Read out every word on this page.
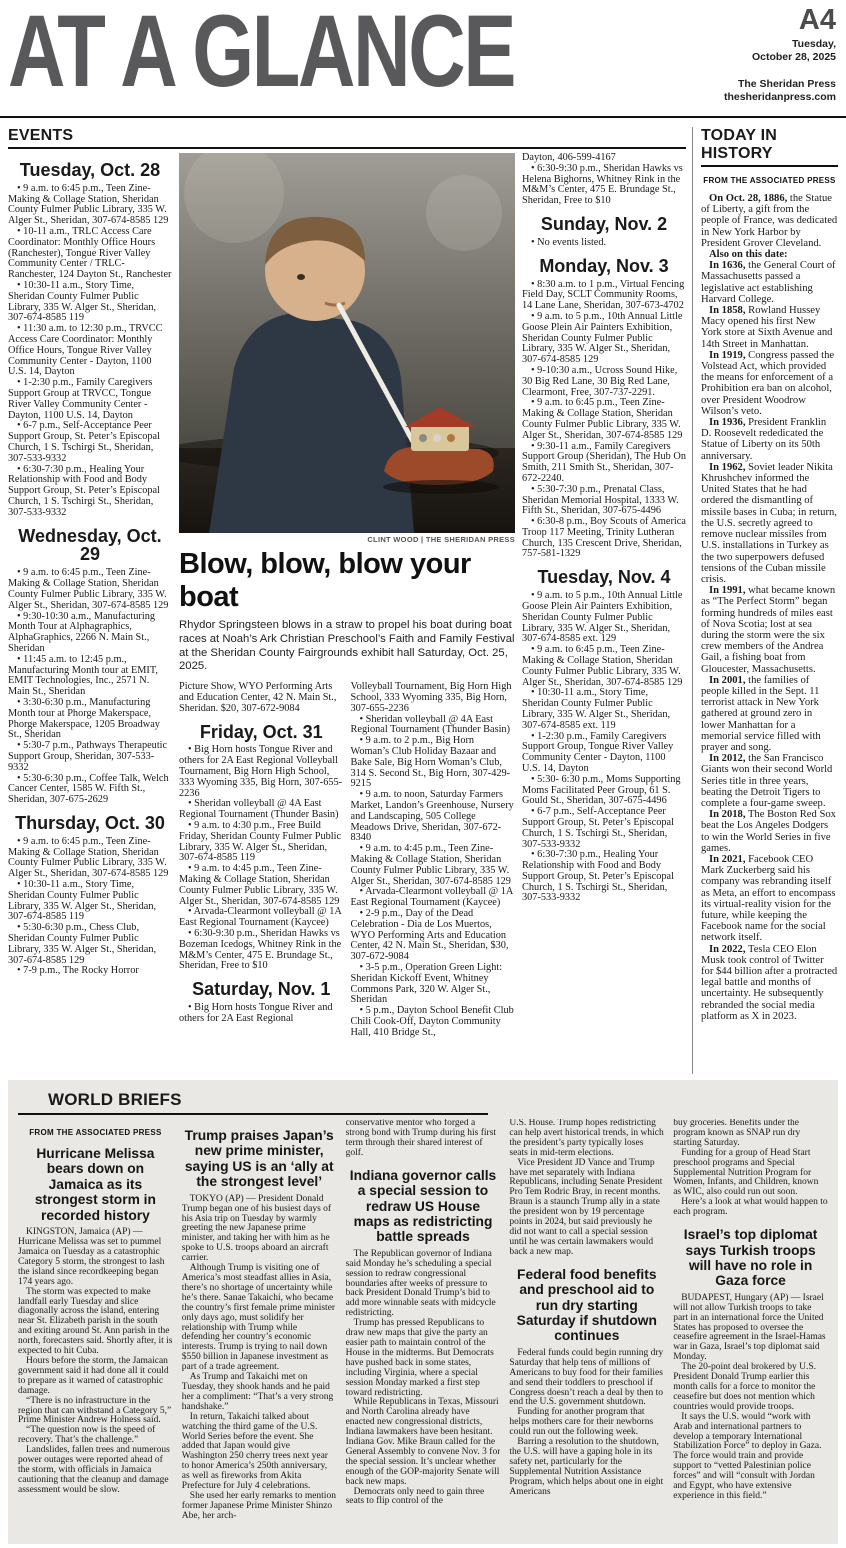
AT A GLANCE	A4
Tuesday,
October 28, 2025
The Sheridan Press
thesheridanpress.com
EVENTS
Tuesday, Oct. 28
• 9 a.m. to 6:45 p.m., Teen Zine-Making & Collage Station, Sheridan County Fulmer Public Library, 335 W. Alger St., Sheridan, 307-674-8585 129
• 10-11 a.m., TRLC Access Care Coordinator: Monthly Office Hours (Ranchester), Tongue River Valley Community Center / TRLC- Ranchester, 124 Dayton St., Ranchester
• 10:30-11 a.m., Story Time, Sheridan County Fulmer Public Library, 335 W. Alger St., Sheridan, 307-674-8585 119
• 11:30 a.m. to 12:30 p.m., TRVCC Access Care Coordinator: Monthly Office Hours, Tongue River Valley Community Center - Dayton, 1100 U.S. 14, Dayton
• 1-2:30 p.m., Family Caregivers Support Group at TRVCC, Tongue River Valley Community Center - Dayton, 1100 U.S. 14, Dayton
• 6-7 p.m., Self-Acceptance Peer Support Group, St. Peter’s Episcopal Church, 1 S. Tschirgi St., Sheridan, 307-533-9332
• 6:30-7:30 p.m., Healing Your Relationship with Food and Body Support Group, St. Peter’s Episcopal Church, 1 S. Tschirgi St., Sheridan, 307-533-9332
Wednesday, Oct. 29
• 9 a.m. to 6:45 p.m., Teen Zine-Making & Collage Station, Sheridan County Fulmer Public Library, 335 W. Alger St., Sheridan, 307-674-8585 129
• 9:30-10:30 a.m., Manufacturing Month Tour at Alphagraphics, AlphaGraphics, 2266 N. Main St., Sheridan
• 11:45 a.m. to 12:45 p.m., Manufacturing Month tour at EMIT, EMIT Technologies, Inc., 2571 N. Main St., Sheridan
• 3:30-6:30 p.m., Manufacturing Month tour at Phorge Makerspace, Phorge Makerspace, 1205 Broadway St., Sheridan
• 5:30-7 p.m., Pathways Therapeutic Support Group, Sheridan, 307-533-9332
• 5:30-6:30 p.m., Coffee Talk, Welch Cancer Center, 1585 W. Fifth St., Sheridan, 307-675-2629
Thursday, Oct. 30
• 9 a.m. to 6:45 p.m., Teen Zine-Making & Collage Station, Sheridan County Fulmer Public Library, 335 W. Alger St., Sheridan, 307-674-8585 129
• 10:30-11 a.m., Story Time, Sheridan County Fulmer Public Library, 335 W. Alger St., Sheridan, 307-674-8585 119
• 5:30-6:30 p.m., Chess Club, Sheridan County Fulmer Public Library, 335 W. Alger St., Sheridan, 307-674-8585 129
• 7-9 p.m., The Rocky Horror
CLINT WOOD | THE SHERIDAN PRESS
Blow, blow, blow your boat

Rhydor Springsteen blows in a straw to propel his boat during boat races at Noah’s Ark Christian Preschool’s Faith and Family Festival at the Sheridan County Fairgrounds exhibit hall Saturday, Oct. 25, 2025.

Picture Show, WYO Performing Arts and Education Center, 42 N. Main St., Sheridan. $20, 307-672-9084
Friday, Oct. 31
• Big Horn hosts Tongue River and others for 2A East Regional Volleyball Tournament, Big Horn High School, 333 Wyoming 335, Big Horn, 307-655-2236
• Sheridan volleyball @ 4A East Regional Tournament (Thunder Basin)
• 9 a.m. to 4:30 p.m., Free Build Friday, Sheridan County Fulmer Public Library, 335 W. Alger St., Sheridan, 307-674-8585 119
• 9 a.m. to 4:45 p.m., Teen Zine-Making & Collage Station, Sheridan County Fulmer Public Library, 335 W. Alger St., Sheridan, 307-674-8585 129
• Arvada-Clearmont volleyball @ 1A East Regional Tournament (Kaycee)
• 6:30-9:30 p.m., Sheridan Hawks vs Bozeman Icedogs, Whitney Rink in the M&M’s Center, 475 E. Brundage St., Sheridan, Free to $10
Saturday, Nov. 1
• Big Horn hosts Tongue River and others for 2A East Regional
Volleyball Tournament, Big Horn High School, 333 Wyoming 335, Big Horn, 307-655-2236
• Sheridan volleyball @ 4A East Regional Tournament (Thunder Basin)
• 9 a.m. to 2 p.m., Big Horn Woman’s Club Holiday Bazaar and Bake Sale, Big Horn Woman’s Club, 314 S. Second St., Big Horn, 307-429-9215
• 9 a.m. to noon, Saturday Farmers Market, Landon’s Greenhouse, Nursery and Landscaping, 505 College Meadows Drive, Sheridan, 307-672-8340
• 9 a.m. to 4:45 p.m., Teen Zine-Making & Collage Station, Sheridan County Fulmer Public Library, 335 W. Alger St., Sheridan, 307-674-8585 129
• Arvada-Clearmont volleyball @ 1A East Regional Tournament (Kaycee)
• 2-9 p.m., Day of the Dead Celebration - Dia de Los Muertos, WYO Performing Arts and Education Center, 42 N. Main St., Sheridan, $30, 307-672-9084
• 3-5 p.m., Operation Green Light: Sheridan Kickoff Event, Whitney Commons Park, 320 W. Alger St., Sheridan
• 5 p.m., Dayton School Benefit Club Chili Cook-Off, Dayton Community Hall, 410 Bridge St.,
Dayton, 406-599-4167
• 6:30-9:30 p.m., Sheridan Hawks vs Helena Bighorns, Whitney Rink in the M&M’s Center, 475 E. Brundage St., Sheridan, Free to $10
Sunday, Nov. 2
• No events listed.
Monday, Nov. 3
• 8:30 a.m. to 1 p.m., Virtual Fencing Field Day, SCLT Community Rooms, 14 Lane Lane, Sheridan, 307-673-4702
• 9 a.m. to 5 p.m., 10th Annual Little Goose Plein Air Painters Exhibition, Sheridan County Fulmer Public Library, 335 W. Alger St., Sheridan, 307-674-8585 129
• 9-10:30 a.m., Ucross Sound Hike, 30 Big Red Lane, 30 Big Red Lane, Clearmont, Free, 307-737-2291.
• 9 a.m. to 6:45 p.m., Teen Zine-Making & Collage Station, Sheridan County Fulmer Public Library, 335 W. Alger St., Sheridan, 307-674-8585 129
• 9:30-11 a.m., Family Caregivers Support Group (Sheridan), The Hub On Smith, 211 Smith St., Sheridan, 307-672-2240.
• 5:30-7:30 p.m., Prenatal Class, Sheridan Memorial Hospital, 1333 W. Fifth St., Sheridan, 307-675-4496
• 6:30-8 p.m., Boy Scouts of America Troop 117 Meeting, Trinity Lutheran Church, 135 Crescent Drive, Sheridan, 757-581-1329
Tuesday, Nov. 4
• 9 a.m. to 5 p.m., 10th Annual Little Goose Plein Air Painters Exhibition, Sheridan County Fulmer Public Library, 335 W. Alger St., Sheridan, 307-674-8585 ext. 129
• 9 a.m. to 6:45 p.m., Teen Zine-Making & Collage Station, Sheridan County Fulmer Public Library, 335 W. Alger St., Sheridan, 307-674-8585 129
• 10:30-11 a.m., Story Time, Sheridan County Fulmer Public Library, 335 W. Alger St., Sheridan, 307-674-8585 ext. 119
• 1-2:30 p.m., Family Caregivers Support Group, Tongue River Valley Community Center - Dayton, 1100 U.S. 14, Dayton
• 5:30- 6:30 p.m., Moms Supporting Moms Facilitated Peer Group, 61 S. Gould St., Sheridan, 307-675-4496
• 6-7 p.m., Self-Acceptance Peer Support Group, St. Peter’s Episcopal Church, 1 S. Tschirgi St., Sheridan, 307-533-9332
• 6:30-7:30 p.m., Healing Your Relationship with Food and Body Support Group, St. Peter’s Episcopal Church, 1 S. Tschirgi St., Sheridan, 307-533-9332
TODAY IN HISTORY
FROM THE ASSOCIATED PRESS

On Oct. 28, 1886, the Statue of Liberty, a gift from the people of France, was dedicated in New York Harbor by President Grover Cleveland.

Also on this date:

In 1636, the General Court of Massachusetts passed a legislative act establishing Harvard College.

In 1858, Rowland Hussey Macy opened his first New York store at Sixth Avenue and 14th Street in Manhattan.

In 1919, Congress passed the Volstead Act, which provided the means for enforcement of a Prohibition era ban on alcohol, over President Woodrow Wilson’s veto.

In 1936, President Franklin D. Roosevelt rededicated the Statue of Liberty on its 50th anniversary.

In 1962, Soviet leader Nikita Khrushchev informed the United States that he had ordered the dismantling of missile bases in Cuba; in return, the U.S. secretly agreed to remove nuclear missiles from U.S. installations in Turkey as the two superpowers defused tensions of the Cuban missile crisis.

In 1991, what became known as “The Perfect Storm” began forming hundreds of miles east of Nova Scotia; lost at sea during the storm were the six crew members of the Andrea Gail, a fishing boat from Gloucester, Massachusetts.

In 2001, the families of people killed in the Sept. 11 terrorist attack in New York gathered at ground zero in lower Manhattan for a memorial service filled with prayer and song.

In 2012, the San Francisco Giants won their second World Series title in three years, beating the Detroit Tigers to complete a four-game sweep.

In 2018, The Boston Red Sox beat the Los Angeles Dodgers to win the World Series in five games.

In 2021, Facebook CEO Mark Zuckerberg said his company was rebranding itself as Meta, an effort to encompass its virtual-reality vision for the future, while keeping the Facebook name for the social network itself.

In 2022, Tesla CEO Elon Musk took control of Twitter for $44 billion after a protracted legal battle and months of uncertainty. He subsequently rebranded the social media platform as X in 2023.

WORLD BRIEFS
FROM THE ASSOCIATED PRESS
Hurricane Melissa bears down on Jamaica as its strongest storm in recorded history
KINGSTON, Jamaica (AP) — Hurricane Melissa was set to pummel Jamaica on Tuesday as a catastrophic Category 5 storm, the strongest to lash the island since recordkeeping began 174 years ago.
The storm was expected to make landfall early Tuesday and slice diagonally across the island, entering near St. Elizabeth parish in the south and exiting around St. Ann parish in the north, forecasters said. Shortly after, it is expected to hit Cuba.
Hours before the storm, the Jamaican government said it had done all it could to prepare as it warned of catastrophic damage.
“There is no infrastructure in the region that can withstand a Category 5,” Prime Minister Andrew Holness said.
“The question now is the speed of recovery. That’s the challenge.”
Landslides, fallen trees and numerous power outages were reported ahead of the storm, with officials in Jamaica cautioning that the cleanup and damage assessment would be slow.
Trump praises Japan’s new prime minister, saying US is an ‘ally at the strongest level’
TOKYO (AP) — President Donald Trump began one of his busiest days of his Asia trip on Tuesday by warmly greeting the new Japanese prime minister, and taking her with him as he spoke to U.S. troops aboard an aircraft carrier.
Although Trump is visiting one of America’s most steadfast allies in Asia, there’s no shortage of uncertainty while he’s there. Sanae Takaichi, who became the country’s first female prime minister only days ago, must solidify her relationship with Trump while defending her country’s economic interests. Trump is trying to nail down $550 billion in Japanese investment as part of a trade agreement.
As Trump and Takaichi met on Tuesday, they shook hands and he paid her a compliment: “That’s a very strong handshake.”
In return, Takaichi talked about watching the third game of the U.S. World Series before the event. She added that Japan would give Washington 250 cherry trees next year to honor America’s 250th anniversary, as well as fireworks from Akita Prefecture for July 4 celebrations.
She used her early remarks to mention former Japanese Prime Minister Shinzo Abe, her arch-
conservative mentor who forged a strong bond with Trump during his first term through their shared interest of golf.
Indiana governor calls a special session to redraw US House maps as redistricting battle spreads
The Republican governor of Indiana said Monday he’s scheduling a special session to redraw congressional boundaries after weeks of pressure to back President Donald Trump’s bid to add more winnable seats with midcycle redistricting.
Trump has pressed Republicans to draw new maps that give the party an easier path to maintain control of the House in the midterms. But Democrats have pushed back in some states, including Virginia, where a special session Monday marked a first step toward redistricting.
While Republicans in Texas, Missouri and North Carolina already have enacted new congressional districts, Indiana lawmakers have been hesitant. Indiana Gov. Mike Braun called for the General Assembly to convene Nov. 3 for the special session. It’s unclear whether enough of the GOP-majority Senate will back new maps.
Democrats only need to gain three seats to flip control of the
U.S. House. Trump hopes redistricting can help avert historical trends, in which the president’s party typically loses seats in mid-term elections.
Vice President JD Vance and Trump have met separately with Indiana Republicans, including Senate President Pro Tem Rodric Bray, in recent months. Braun is a staunch Trump ally in a state the president won by 19 percentage points in 2024, but said previously he did not want to call a special session until he was certain lawmakers would back a new map.
Federal food benefits and preschool aid to run dry starting Saturday if shutdown continues
Federal funds could begin running dry Saturday that help tens of millions of Americans to buy food for their families and send their toddlers to preschool if Congress doesn’t reach a deal by then to end the U.S. government shutdown.
Funding for another program that helps mothers care for their newborns could run out the following week.
Barring a resolution to the shutdown, the U.S. will have a gaping hole in its safety net, particularly for the Supplemental Nutrition Assistance Program, which helps about one in eight Americans
buy groceries. Benefits under the program known as SNAP run dry starting Saturday.
Funding for a group of Head Start preschool programs and Special Supplemental Nutrition Program for Women, Infants, and Children, known as WIC, also could run out soon.
Here’s a look at what would happen to each program.
Israel’s top diplomat says Turkish troops will have no role in Gaza force
BUDAPEST, Hungary (AP) — Israel will not allow Turkish troops to take part in an international force the United States has proposed to oversee the ceasefire agreement in the Israel-Hamas war in Gaza, Israel’s top diplomat said Monday.
The 20-point deal brokered by U.S. President Donald Trump earlier this month calls for a force to monitor the ceasefire but does not mention which countries would provide troops.
It says the U.S. would “work with Arab and international partners to develop a temporary International Stabilization Force” to deploy in Gaza. The force would train and provide support to “vetted Palestinian police forces” and will “consult with Jordan and Egypt, who have extensive experience in this field.”
